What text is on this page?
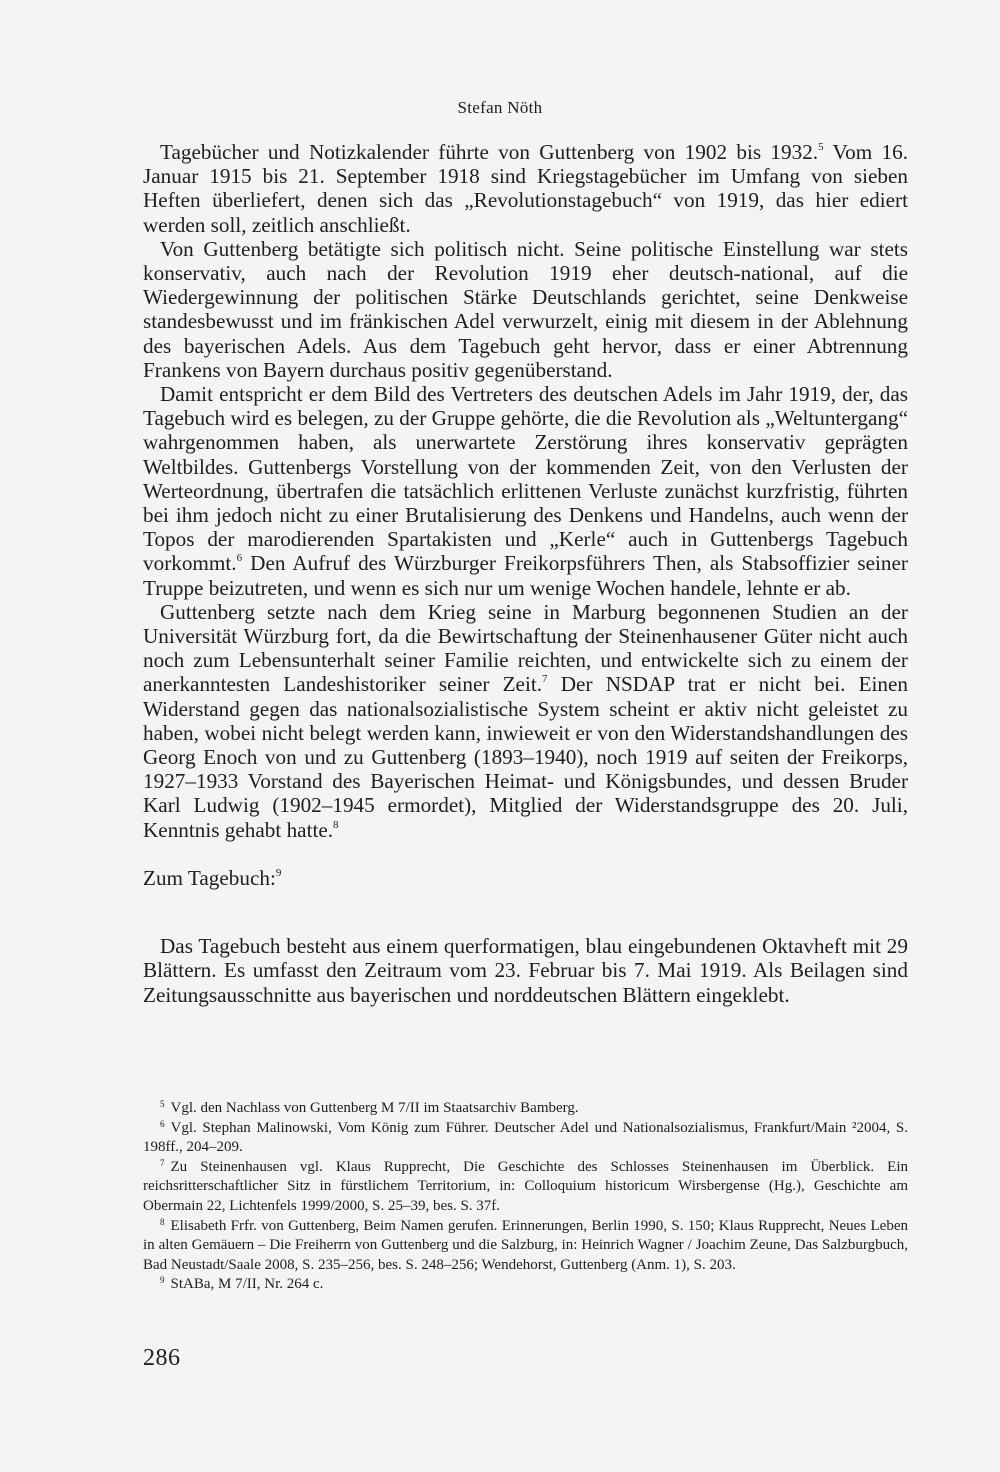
Stefan Nöth

Tagebücher und Notizkalender führte von Guttenberg von 1902 bis 1932.$^5$ Vom 16. Januar 1915 bis 21. September 1918 sind Kriegstagebücher im Umfang von sieben Heften überliefert, denen sich das „Revolutionstagebuch“ von 1919, das hier ediert werden soll, zeitlich anschließt.

Von Guttenberg betätigte sich politisch nicht. Seine politische Einstellung war stets konservativ, auch nach der Revolution 1919 eher deutsch-national, auf die Wiedergewinnung der politischen Stärke Deutschlands gerichtet, seine Denkweise standesbewusst und im fränkischen Adel verwurzelt, einig mit diesem in der Ablehnung des bayerischen Adels. Aus dem Tagebuch geht hervor, dass er einer Abtrennung Frankens von Bayern durchaus positiv gegenüberstand.

Damit entspricht er dem Bild des Vertreters des deutschen Adels im Jahr 1919, der, das Tagebuch wird es belegen, zu der Gruppe gehörte, die die Revolution als „Weltuntergang“ wahrgenommen haben, als unerwartete Zerstörung ihres konservativ geprägten Weltbildes. Guttenbergs Vorstellung von der kommenden Zeit, von den Verlusten der Werteordnung, übertrafen die tatsächlich erlittenen Verluste zunächst kurzfristig, führten bei ihm jedoch nicht zu einer Brutalisierung des Denkens und Handelns, auch wenn der Topos der marodierenden Spartakisten und „Kerle“ auch in Guttenbergs Tagebuch vorkommt.$^6$ Den Aufruf des Würzburger Freikorpsführers Then, als Stabsoffizier seiner Truppe beizutreten, und wenn es sich nur um wenige Wochen handele, lehnte er ab.

Guttenberg setzte nach dem Krieg seine in Marburg begonnenen Studien an der Universität Würzburg fort, da die Bewirtschaftung der Steinenhausener Güter nicht auch noch zum Lebensunterhalt seiner Familie reichten, und entwickelte sich zu einem der anerkanntesten Landeshistoriker seiner Zeit.$^7$ Der NSDAP trat er nicht bei. Einen Widerstand gegen das nationalsozialistische System scheint er aktiv nicht geleistet zu haben, wobei nicht belegt werden kann, inwieweit er von den Widerstandshandlungen des Georg Enoch von und zu Guttenberg (1893–1940), noch 1919 auf seiten der Freikorps, 1927–1933 Vorstand des Bayerischen Heimat- und Königsbundes, und dessen Bruder Karl Ludwig (1902–1945 ermordet), Mitglied der Widerstandsgruppe des 20. Juli, Kenntnis gehabt hatte.$^8$

Zum Tagebuch:$^9$

Das Tagebuch besteht aus einem querformatigen, blau eingebundenen Oktavheft mit 29 Blättern. Es umfasst den Zeitraum vom 23. Februar bis 7. Mai 1919. Als Beilagen sind Zeitungsausschnitte aus bayerischen und norddeutschen Blättern eingeklebt.

$^5$ Vgl. den Nachlass von Guttenberg M 7/II im Staatsarchiv Bamberg.

$^6$ Vgl. Stephan Malinowski, Vom König zum Führer. Deutscher Adel und Nationalsozialismus, Frankfurt/Main ²2004, S. 198ff., 204–209.

$^7$ Zu Steinenhausen vgl. Klaus Rupprecht, Die Geschichte des Schlosses Steinenhausen im Überblick. Ein reichsritterschaftlicher Sitz in fürstlichem Territorium, in: Colloquium historicum Wirsbergense (Hg.), Geschichte am Obermain 22, Lichtenfels 1999/2000, S. 25–39, bes. S. 37f.

$^8$ Elisabeth Frfr. von Guttenberg, Beim Namen gerufen. Erinnerungen, Berlin 1990, S. 150; Klaus Rupprecht, Neues Leben in alten Gemäuern – Die Freiherrn von Guttenberg und die Salzburg, in: Heinrich Wagner / Joachim Zeune, Das Salzburgbuch, Bad Neustadt/Saale 2008, S. 235–256, bes. S. 248–256; Wendehorst, Guttenberg (Anm. 1), S. 203.

$^9$ StABa, M 7/II, Nr. 264 c.

286
